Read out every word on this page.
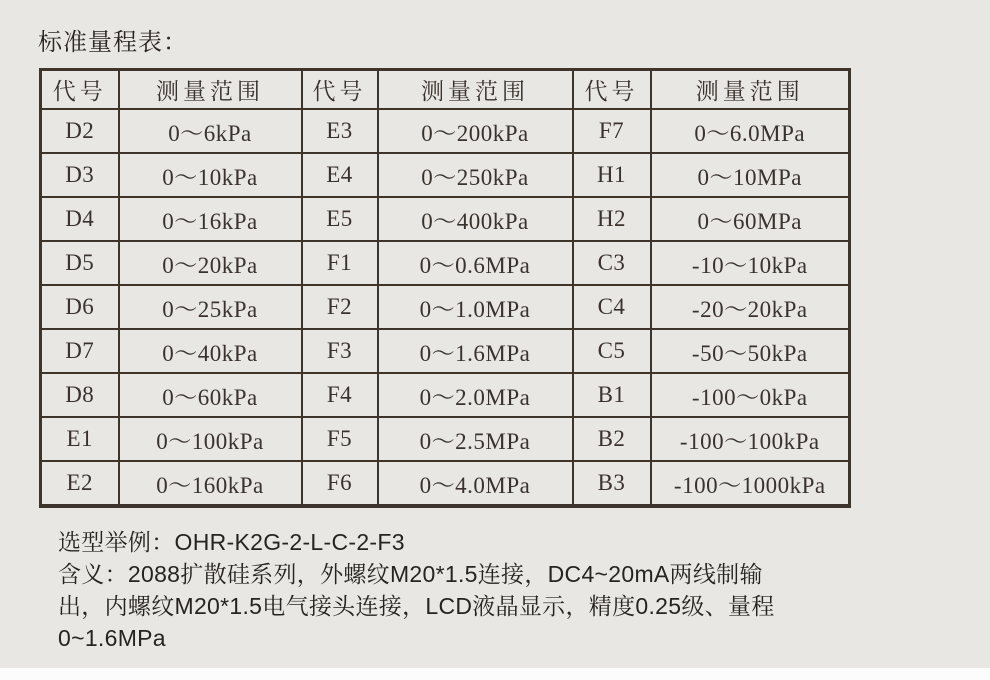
标准量程表：
代号	测量范围	代号	测量范围	代号	测量范围
D2	0～6kPa	E3	0～200kPa	F7	0～6.0MPa
D3	0～10kPa	E4	0～250kPa	H1	0～10MPa
D4	0～16kPa	E5	0～400kPa	H2	0～60MPa
D5	0～20kPa	F1	0～0.6MPa	C3	-10～10kPa
D6	0～25kPa	F2	0～1.0MPa	C4	-20～20kPa
D7	0～40kPa	F3	0～1.6MPa	C5	-50～50kPa
D8	0～60kPa	F4	0～2.0MPa	B1	-100～0kPa
E1	0～100kPa	F5	0～2.5MPa	B2	-100～100kPa
E2	0～160kPa	F6	0～4.0MPa	B3	-100～1000kPa
选型举例：OHR-K2G-2-L-C-2-F3
含义：2088扩散硅系列，外螺纹M20*1.5连接，DC4~20mA两线制输
出，内螺纹M20*1.5电气接头连接，LCD液晶显示，精度0.25级、量程
0~1.6MPa
